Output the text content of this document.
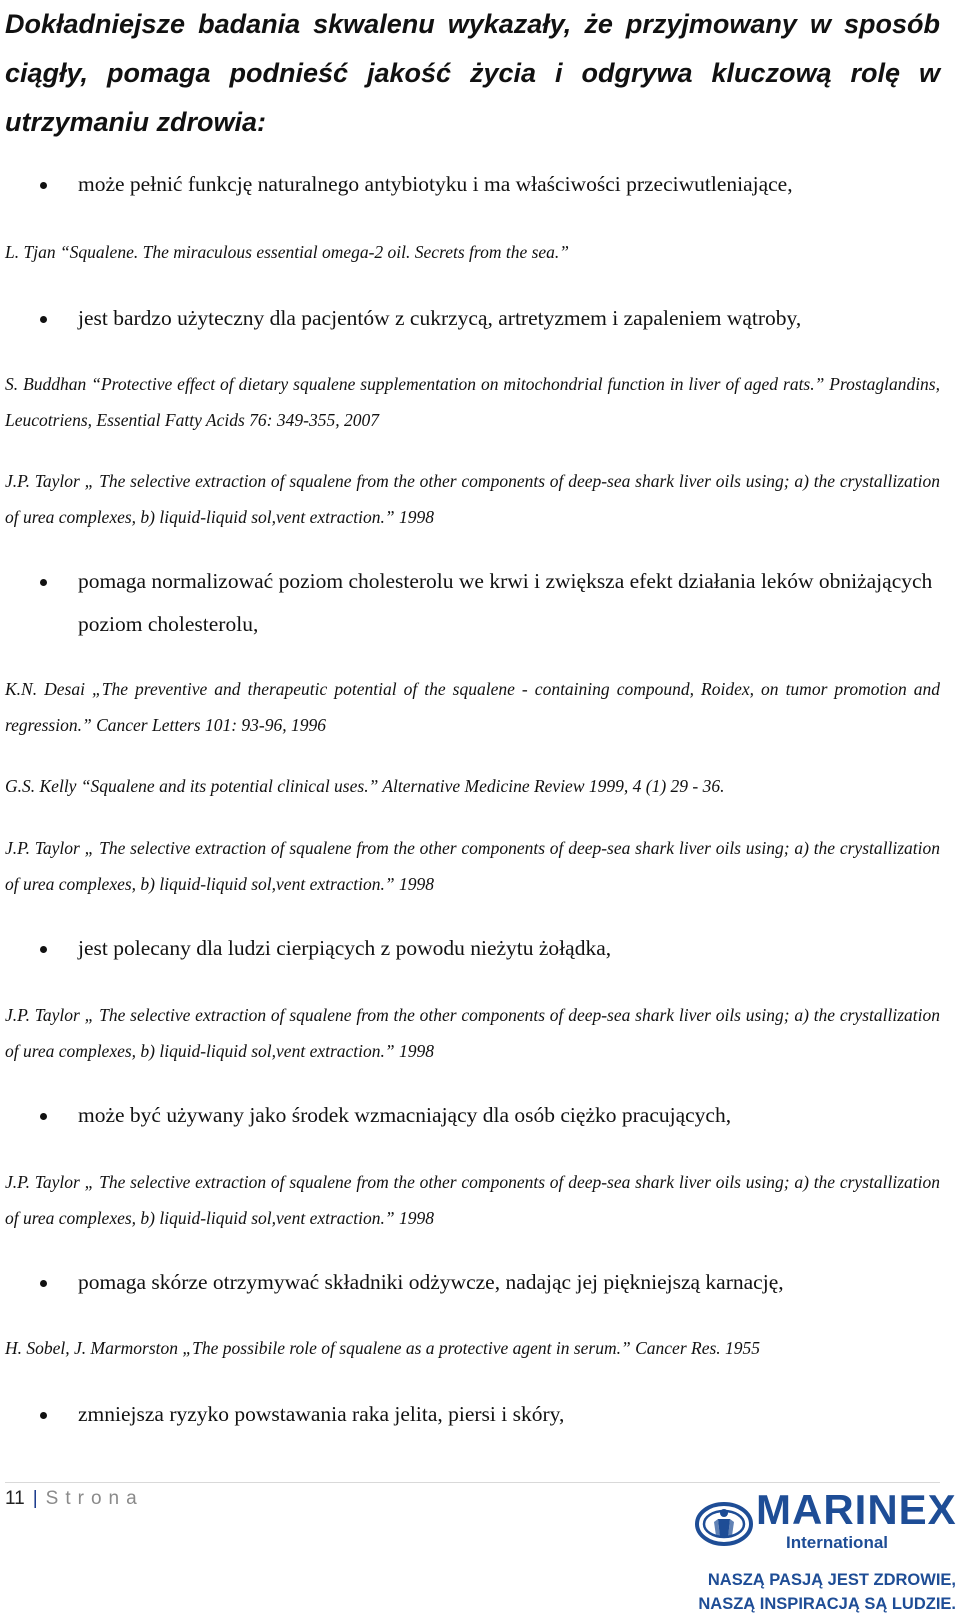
Dokładniejsze badania skwalenu wykazały, że przyjmowany w sposób ciągły, pomaga podnieść jakość życia i odgrywa kluczową rolę w utrzymaniu zdrowia:
może pełnić funkcję naturalnego antybiotyku i ma właściwości przeciwutleniające,
L. Tjan “Squalene. The miraculous essential omega-2 oil. Secrets from the sea.”
jest bardzo użyteczny dla pacjentów z cukrzycą, artretyzmem i zapaleniem wątroby,
S. Buddhan “Protective effect of dietary squalene supplementation on mitochondrial function in liver of aged rats.” Prostaglandins, Leucotriens, Essential Fatty Acids 76: 349-355, 2007
J.P. Taylor „ The selective extraction of squalene from the other components of deep-sea shark liver oils using; a) the crystallization of urea complexes, b) liquid-liquid sol,vent extraction.” 1998
pomaga normalizować poziom cholesterolu we krwi i zwiększa efekt działania leków obniżających poziom cholesterolu,
K.N. Desai „The preventive and therapeutic potential of the squalene - containing compound, Roidex, on tumor promotion and regression.” Cancer Letters 101: 93-96, 1996
G.S. Kelly “Squalene and its potential clinical uses.” Alternative Medicine Review 1999, 4 (1) 29 - 36.
J.P. Taylor „ The selective extraction of squalene from the other components of deep-sea shark liver oils using; a) the crystallization of urea complexes, b) liquid-liquid sol,vent extraction.” 1998
jest polecany dla ludzi cierpiących z powodu nieżytu żołądka,
J.P. Taylor „ The selective extraction of squalene from the other components of deep-sea shark liver oils using; a) the crystallization of urea complexes, b) liquid-liquid sol,vent extraction.” 1998
może być używany jako środek wzmacniający dla osób ciężko pracujących,
J.P. Taylor „ The selective extraction of squalene from the other components of deep-sea shark liver oils using; a) the crystallization of urea complexes, b) liquid-liquid sol,vent extraction.” 1998
pomaga skórze otrzymywać składniki odżywcze, nadając jej piękniejszą karnację,
H. Sobel, J. Marmorston „The possibile role of squalene as a protective agent in serum.” Cancer Res. 1955
zmniejsza ryzyko powstawania raka jelita, piersi i skóry,
11 | Strona	MARINEX
International
NASZĄ PASJĄ JEST ZDROWIE,
NASZĄ INSPIRACJĄ SĄ LUDZIE.
